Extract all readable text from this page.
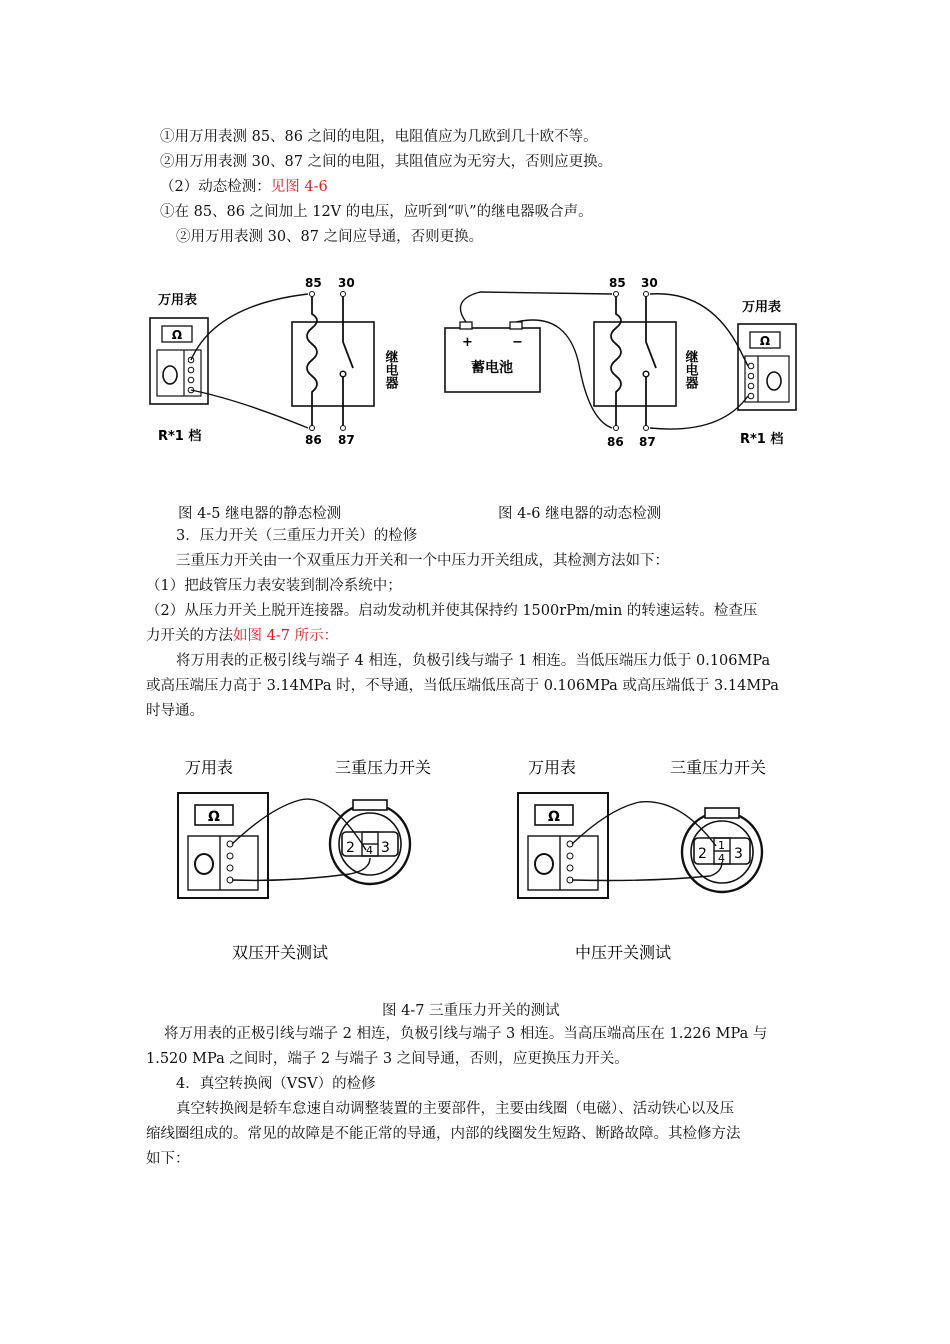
①用万用表测 85、86 之间的电阻，电阻值应为几欧到几十欧不等。
②用万用表测 30、87 之间的电阻，其阻值应为无穷大，否则应更换。
（2）动态检测：见图 4-6
①在 85、86 之间加上 12V 的电压，应听到“叭”的继电器吸合声。
②用万用表测 30、87 之间应导通，否则更换。
万用表
Ω
R*1 档
85 30
86 87
继电器
+	−
蓄电池
85 30
86 87
继电器
万用表
Ω
R*1 档
图 4-5 继电器的静态检测	图 4-6 继电器的动态检测
3．压力开关（三重压力开关）的检修
三重压力开关由一个双重压力开关和一个中压力开关组成，其检测方法如下：
（1）把歧管压力表安装到制冷系统中；
（2）从压力开关上脱开连接器。启动发动机并使其保持约 1500rPm/min 的转速运转。检查压
力开关的方法如图 4-7 所示：
将万用表的正极引线与端子 4 相连，负极引线与端子 1 相连。当低压端压力低于 0.106MPa
或高压端压力高于 3.14MPa 时，不导通，当低压端低压高于 0.106MPa 或高压端低于 3.14MPa
时导通。
万用表	三重压力开关
Ω
2 4 3
双压开关测试
万用表	三重压力开关
Ω
1
2 4 3
中压开关测试
图 4-7 三重压力开关的测试
将万用表的正极引线与端子 2 相连，负极引线与端子 3 相连。当高压端高压在 1.226 MPa 与
1.520 MPa 之间时，端子 2 与端子 3 之间导通，否则，应更换压力开关。
4．真空转换阀（VSV）的检修
真空转换阀是轿车怠速自动调整装置的主要部件，主要由线圈（电磁）、活动铁心以及压
缩线圈组成的。常见的故障是不能正常的导通，内部的线圈发生短路、断路故障。其检修方法
如下：
